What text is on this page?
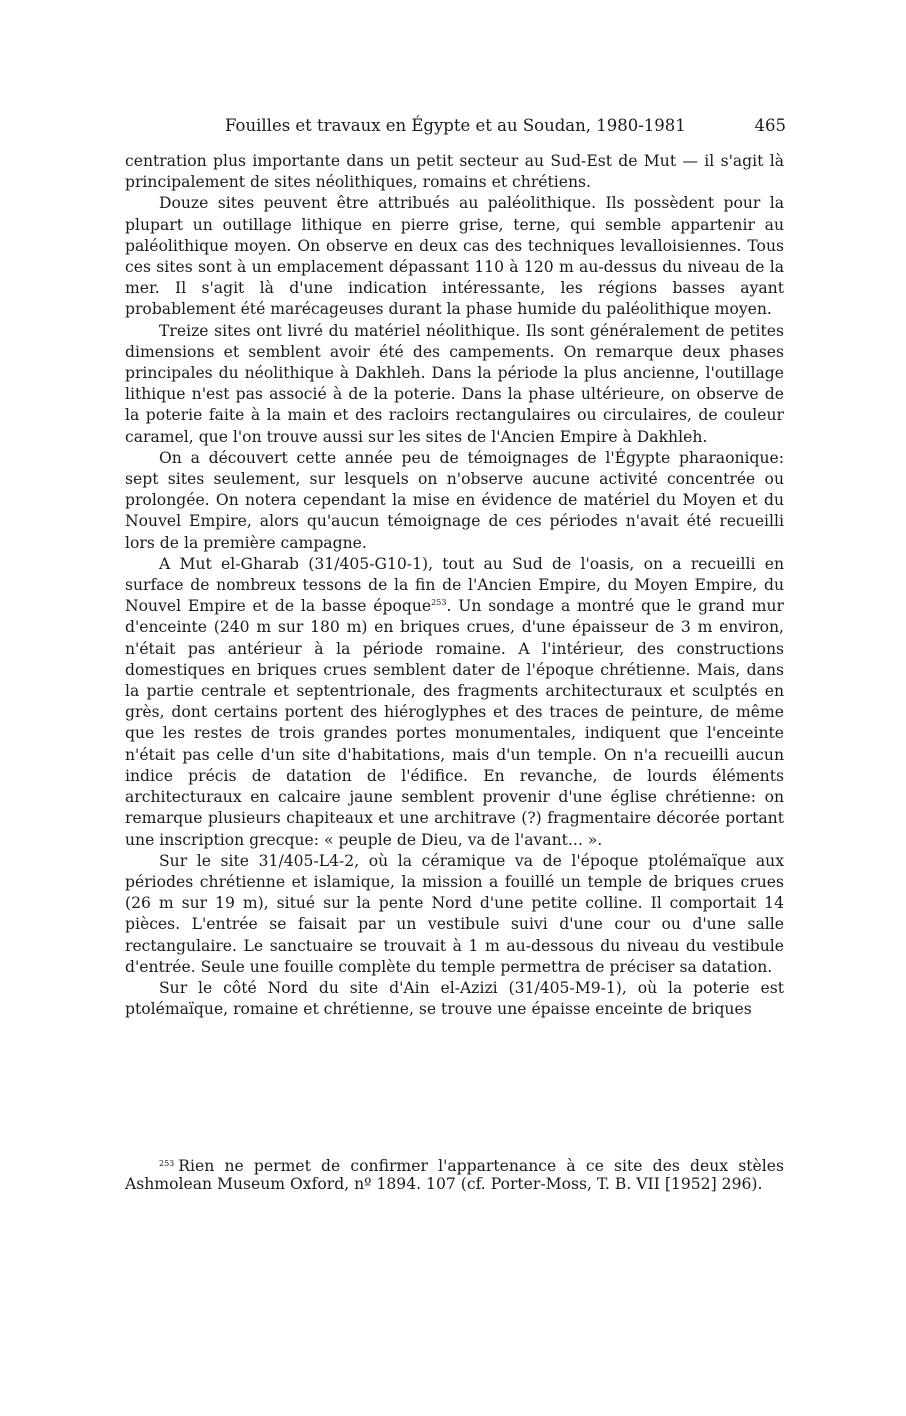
Fouilles et travaux en Égypte et au Soudan, 1980-1981	465

centration plus importante dans un petit secteur au Sud-Est de Mut — il s'agit là principalement de sites néolithiques, romains et chrétiens.

Douze sites peuvent être attribués au paléolithique. Ils possèdent pour la plupart un outillage lithique en pierre grise, terne, qui semble appartenir au paléolithique moyen. On observe en deux cas des techniques levalloisiennes. Tous ces sites sont à un emplacement dépassant 110 à 120 m au-dessus du niveau de la mer. Il s'agit là d'une indication intéressante, les régions basses ayant probablement été marécageuses durant la phase humide du paléolithique moyen.

Treize sites ont livré du matériel néolithique. Ils sont généralement de petites dimensions et semblent avoir été des campements. On remarque deux phases principales du néolithique à Dakhleh. Dans la période la plus ancienne, l'outillage lithique n'est pas associé à de la poterie. Dans la phase ultérieure, on observe de la poterie faite à la main et des racloirs rectangulaires ou circulaires, de couleur caramel, que l'on trouve aussi sur les sites de l'Ancien Empire à Dakhleh.

On a découvert cette année peu de témoignages de l'Égypte pharaonique: sept sites seulement, sur lesquels on n'observe aucune activité concentrée ou prolongée. On notera cependant la mise en évidence de matériel du Moyen et du Nouvel Empire, alors qu'aucun témoignage de ces périodes n'avait été recueilli lors de la première campagne.

A Mut el-Gharab (31/405-G10-1), tout au Sud de l'oasis, on a recueilli en surface de nombreux tessons de la fin de l'Ancien Empire, du Moyen Empire, du Nouvel Empire et de la basse époque$^{253}$. Un sondage a montré que le grand mur d'enceinte (240 m sur 180 m) en briques crues, d'une épaisseur de 3 m environ, n'était pas antérieur à la période romaine. A l'intérieur, des constructions domestiques en briques crues semblent dater de l'époque chrétienne. Mais, dans la partie centrale et septentrionale, des fragments architecturaux et sculptés en grès, dont certains portent des hiéroglyphes et des traces de peinture, de même que les restes de trois grandes portes monumentales, indiquent que l'enceinte n'était pas celle d'un site d'habitations, mais d'un temple. On n'a recueilli aucun indice précis de datation de l'édifice. En revanche, de lourds éléments architecturaux en calcaire jaune semblent provenir d'une église chrétienne: on remarque plusieurs chapiteaux et une architrave (?) fragmentaire décorée portant une inscription grecque: « peuple de Dieu, va de l'avant... ».

Sur le site 31/405-L4-2, où la céramique va de l'époque ptolémaïque aux périodes chrétienne et islamique, la mission a fouillé un temple de briques crues (26 m sur 19 m), situé sur la pente Nord d'une petite colline. Il comportait 14 pièces. L'entrée se faisait par un vestibule suivi d'une cour ou d'une salle rectangulaire. Le sanctuaire se trouvait à 1 m au-dessous du niveau du vestibule d'entrée. Seule une fouille complète du temple permettra de préciser sa datation.

Sur le côté Nord du site d'Ain el-Azizi (31/405-M9-1), où la poterie est ptolémaïque, romaine et chrétienne, se trouve une épaisse enceinte de briques

$^{253}$ Rien ne permet de confirmer l'appartenance à ce site des deux stèles Ashmolean Museum Oxford, nº 1894. 107 (cf. Porter-Moss, T. B. VII [1952] 296).
